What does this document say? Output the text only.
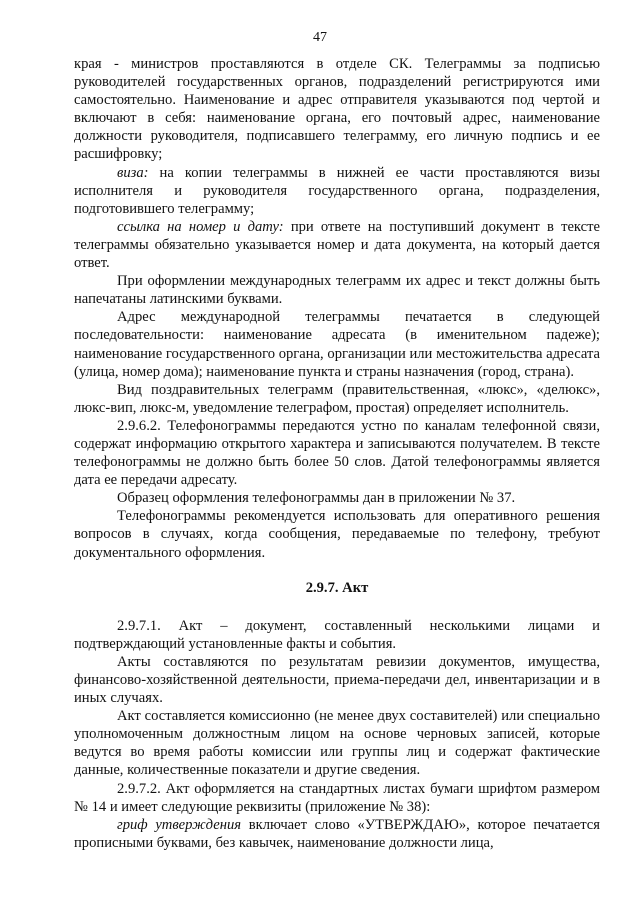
47

края - министров проставляются в отделе СК. Телеграммы за подписью руководителей государственных органов, подразделений регистрируются ими самостоятельно. Наименование и адрес отправителя указываются под чертой и включают в себя: наименование органа, его почтовый адрес, наименование должности руководителя, подписавшего телеграмму, его личную подпись и ее расшифровку;

виза: на копии телеграммы в нижней ее части проставляются визы исполнителя и руководителя государственного органа, подразделения, подготовившего телеграмму;

ссылка на номер и дату: при ответе на поступивший документ в тексте телеграммы обязательно указывается номер и дата документа, на который дается ответ.

При оформлении международных телеграмм их адрес и текст должны быть напечатаны латинскими буквами.

Адрес международной телеграммы печатается в следующей последовательности: наименование адресата (в именительном падеже); наименование государственного органа, организации или местожительства адресата (улица, номер дома); наименование пункта и страны назначения (город, страна).

Вид поздравительных телеграмм (правительственная, «люкс», «делюкс», люкс-вип, люкс-м, уведомление телеграфом, простая) определяет исполнитель.

2.9.6.2. Телефонограммы передаются устно по каналам телефонной связи, содержат информацию открытого характера и записываются получателем. В тексте телефонограммы не должно быть более 50 слов. Датой телефонограммы является дата ее передачи адресату.

Образец оформления телефонограммы дан в приложении № 37.

Телефонограммы рекомендуется использовать для оперативного решения вопросов в случаях, когда сообщения, передаваемые по телефону, требуют документального оформления.

2.9.7. Акт

2.9.7.1. Акт – документ, составленный несколькими лицами и подтверждающий установленные факты и события.

Акты составляются по результатам ревизии документов, имущества, финансово-хозяйственной деятельности, приема-передачи дел, инвентаризации и в иных случаях.

Акт составляется комиссионно (не менее двух составителей) или специально уполномоченным должностным лицом на основе черновых записей, которые ведутся во время работы комиссии или группы лиц и содержат фактические данные, количественные показатели и другие сведения.

2.9.7.2. Акт оформляется на стандартных листах бумаги шрифтом размером № 14 и имеет следующие реквизиты (приложение № 38):

гриф утверждения включает слово «УТВЕРЖДАЮ», которое печатается прописными буквами, без кавычек, наименование должности лица,
